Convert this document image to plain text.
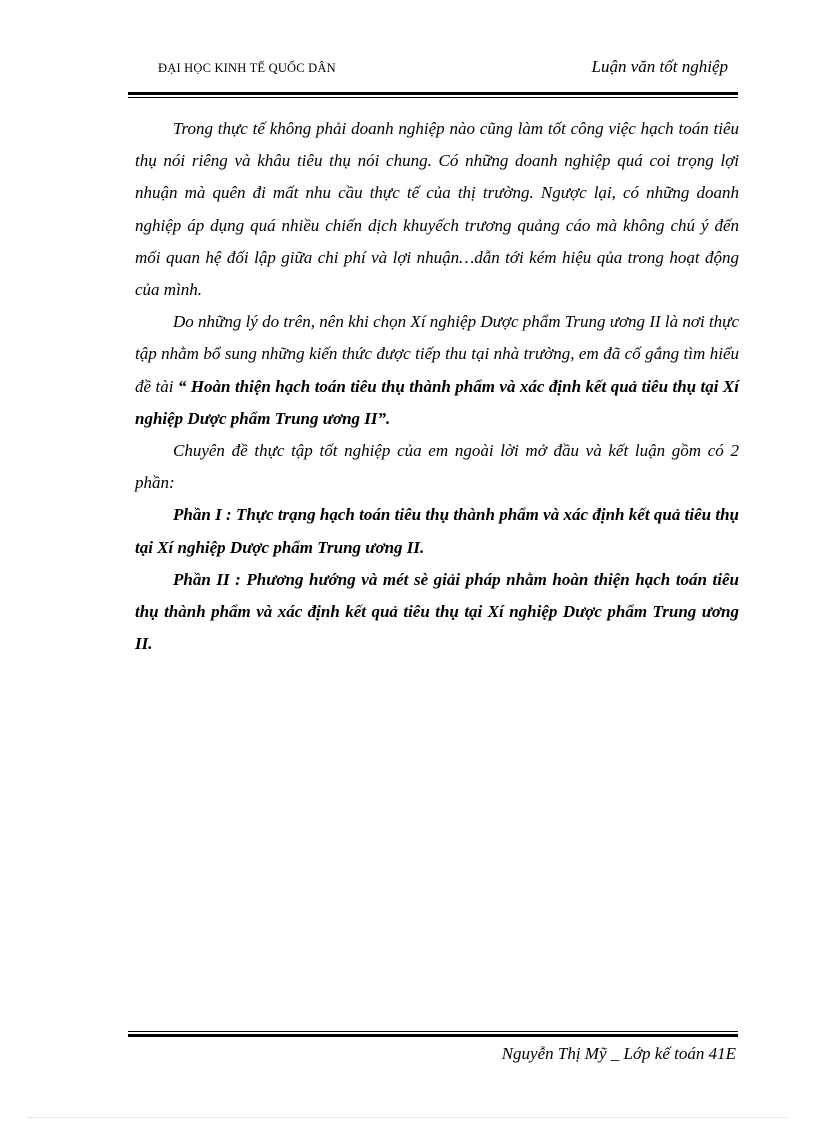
ĐẠI HỌC KINH TẾ QUỐC DÂN	Luận văn tốt nghiệp

Trong thực tế không phải doanh nghiệp nào cũng làm tốt công việc hạch toán tiêu thụ nói riêng và khâu tiêu thụ nói chung. Có những doanh nghiệp quá coi trọng lợi nhuận mà quên đi mất nhu cầu thực tế của thị trường. Ngược lại, có những doanh nghiệp áp dụng quá nhiều chiến dịch khuyếch trương quảng cáo mà không chú ý đến mối quan hệ đối lập giữa chi phí và lợi nhuận…dẫn tới kém hiệu qủa trong hoạt động của mình.

Do những lý do trên, nên khi chọn Xí nghiệp Dược phẩm Trung ương II là nơi thực tập nhằm bổ sung những kiến thức được tiếp thu tại nhà trường, em đã cố gắng tìm hiểu đề tài “ Hoàn thiện hạch toán tiêu thụ thành phẩm và xác định kết quả tiêu thụ tại Xí nghiệp Dược phẩm Trung ương II”.

Chuyên đề thực tập tốt nghiệp của em ngoài lời mở đầu và kết luận gồm có 2 phần:

Phần I : Thực trạng hạch toán tiêu thụ thành phẩm và xác định kết quả tiêu thụ tại Xí nghiệp Dược phẩm Trung ương II.

Phần II : Phương hướng và mét sè giải pháp nhằm hoàn thiện hạch toán tiêu thụ thành phẩm và xác định kết quả tiêu thụ tại Xí nghiệp Dược phẩm Trung ương II.

Nguyễn Thị Mỹ _ Lớp kế toán 41E
